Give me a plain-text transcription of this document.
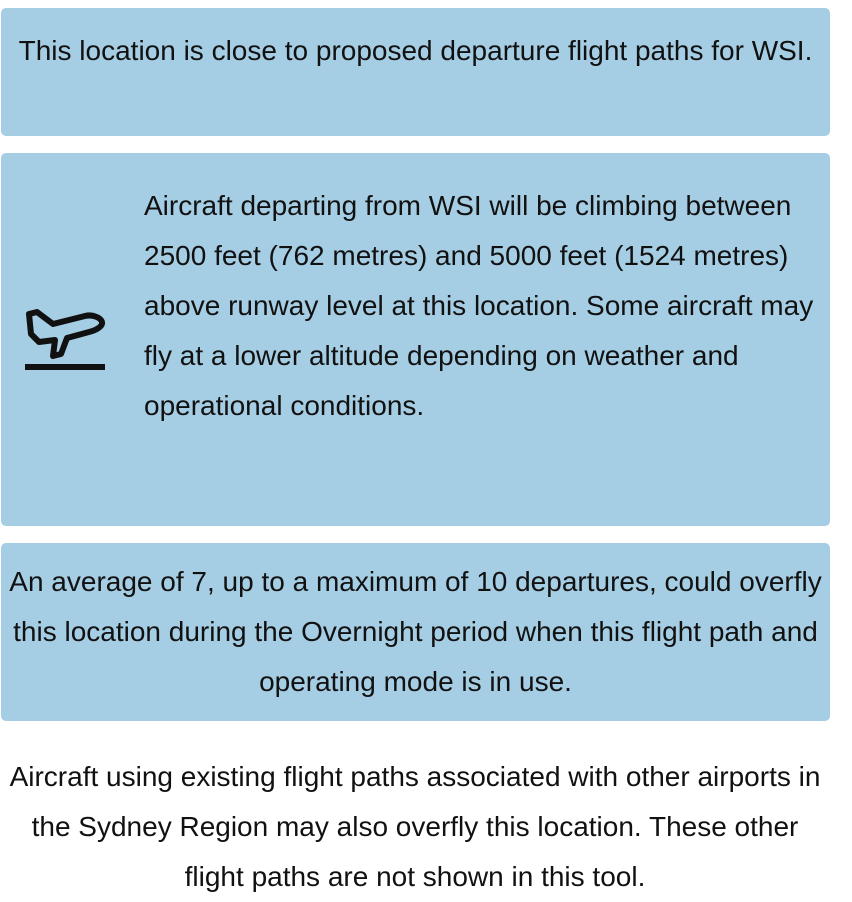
This location is close to proposed departure flight paths for WSI.
Aircraft departing from WSI will be climbing between 2500 feet (762 metres) and 5000 feet (1524 metres) above runway level at this location. Some aircraft may fly at a lower altitude depending on weather and operational conditions.
An average of 7, up to a maximum of 10 departures, could overfly this location during the Overnight period when this flight path and operating mode is in use.
Aircraft using existing flight paths associated with other airports in the Sydney Region may also overfly this location. These other flight paths are not shown in this tool.
